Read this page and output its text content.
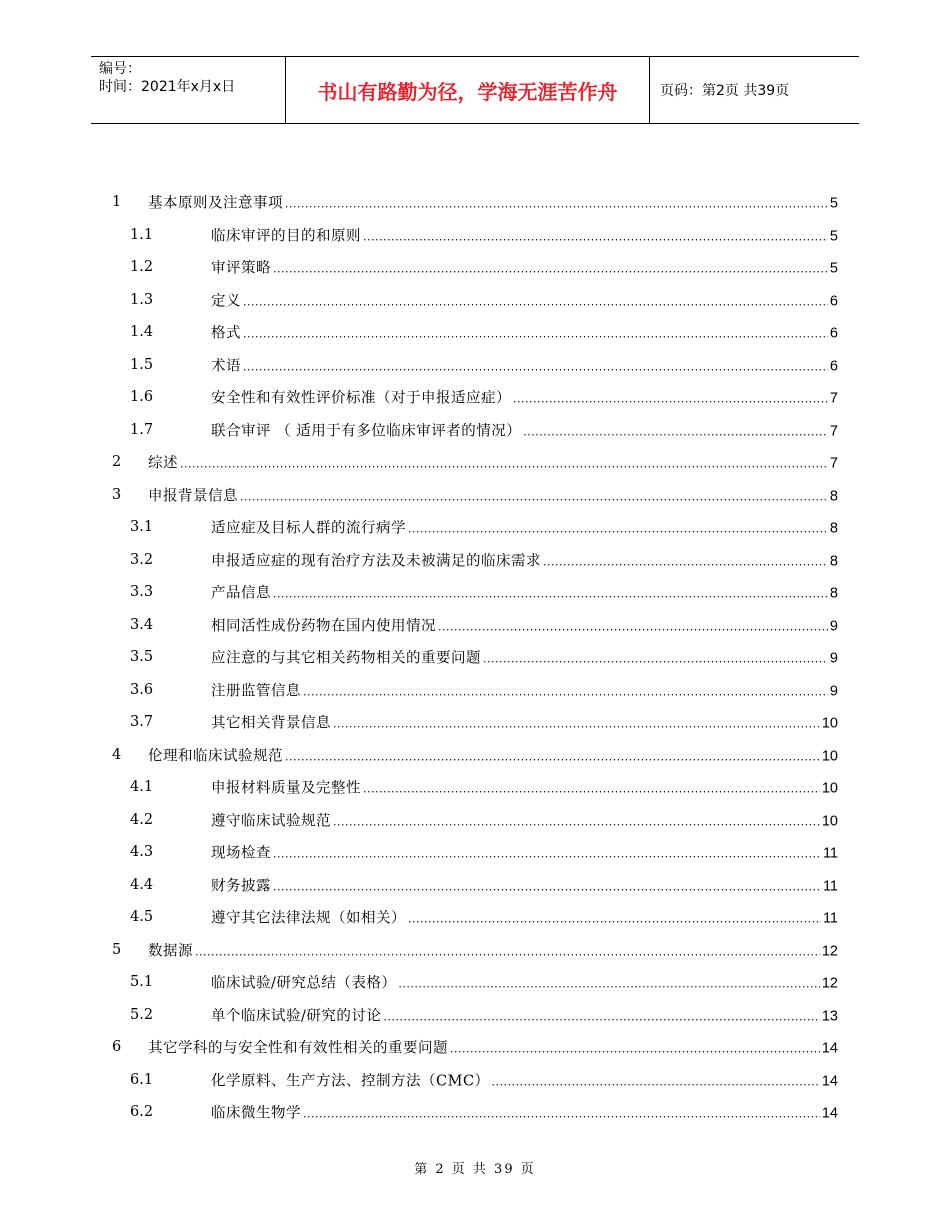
编号：
时间：2021年x月x日	书山有路勤为径，学海无涯苦作舟	页码：第2页 共39页
1 基本原则及注意事项 .....	5
1.1	临床审评的目的和原则 .....	5
1.2	审评策略 .....	5
1.3	定义 .....	6
1.4	格式 .....	6
1.5	术语 .....	6
1.6	安全性和有效性评价标准（对于申报适应症） .....	7
1.7	联合审评 （ 适用于有多位临床审评者的情况） .....	7
2 综述 .....	7
3 申报背景信息 .....	8
3.1	适应症及目标人群的流行病学 .....	8
3.2	申报适应症的现有治疗方法及未被满足的临床需求 .....	8
3.3	产品信息 .....	8
3.4	相同活性成份药物在国内使用情况 .....	9
3.5	应注意的与其它相关药物相关的重要问题 .....	9
3.6	注册监管信息 .....	9
3.7	其它相关背景信息 .....	10
4 伦理和临床试验规范 .....	10
4.1	申报材料质量及完整性 .....	10
4.2	遵守临床试验规范 .....	10
4.3	现场检查 .....	11
4.4	财务披露 .....	11
4.5	遵守其它法律法规（如相关） .....	11
5 数据源 .....	12
5.1	临床试验/研究总结（表格） .....	12
5.2	单个临床试验/研究的讨论 .....	13
6 其它学科的与安全性和有效性相关的重要问题 .....	14
6.1	化学原料、生产方法、控制方法（CMC） .....	14
6.2	临床微生物学 .....	14
第 2 页 共 39 页
